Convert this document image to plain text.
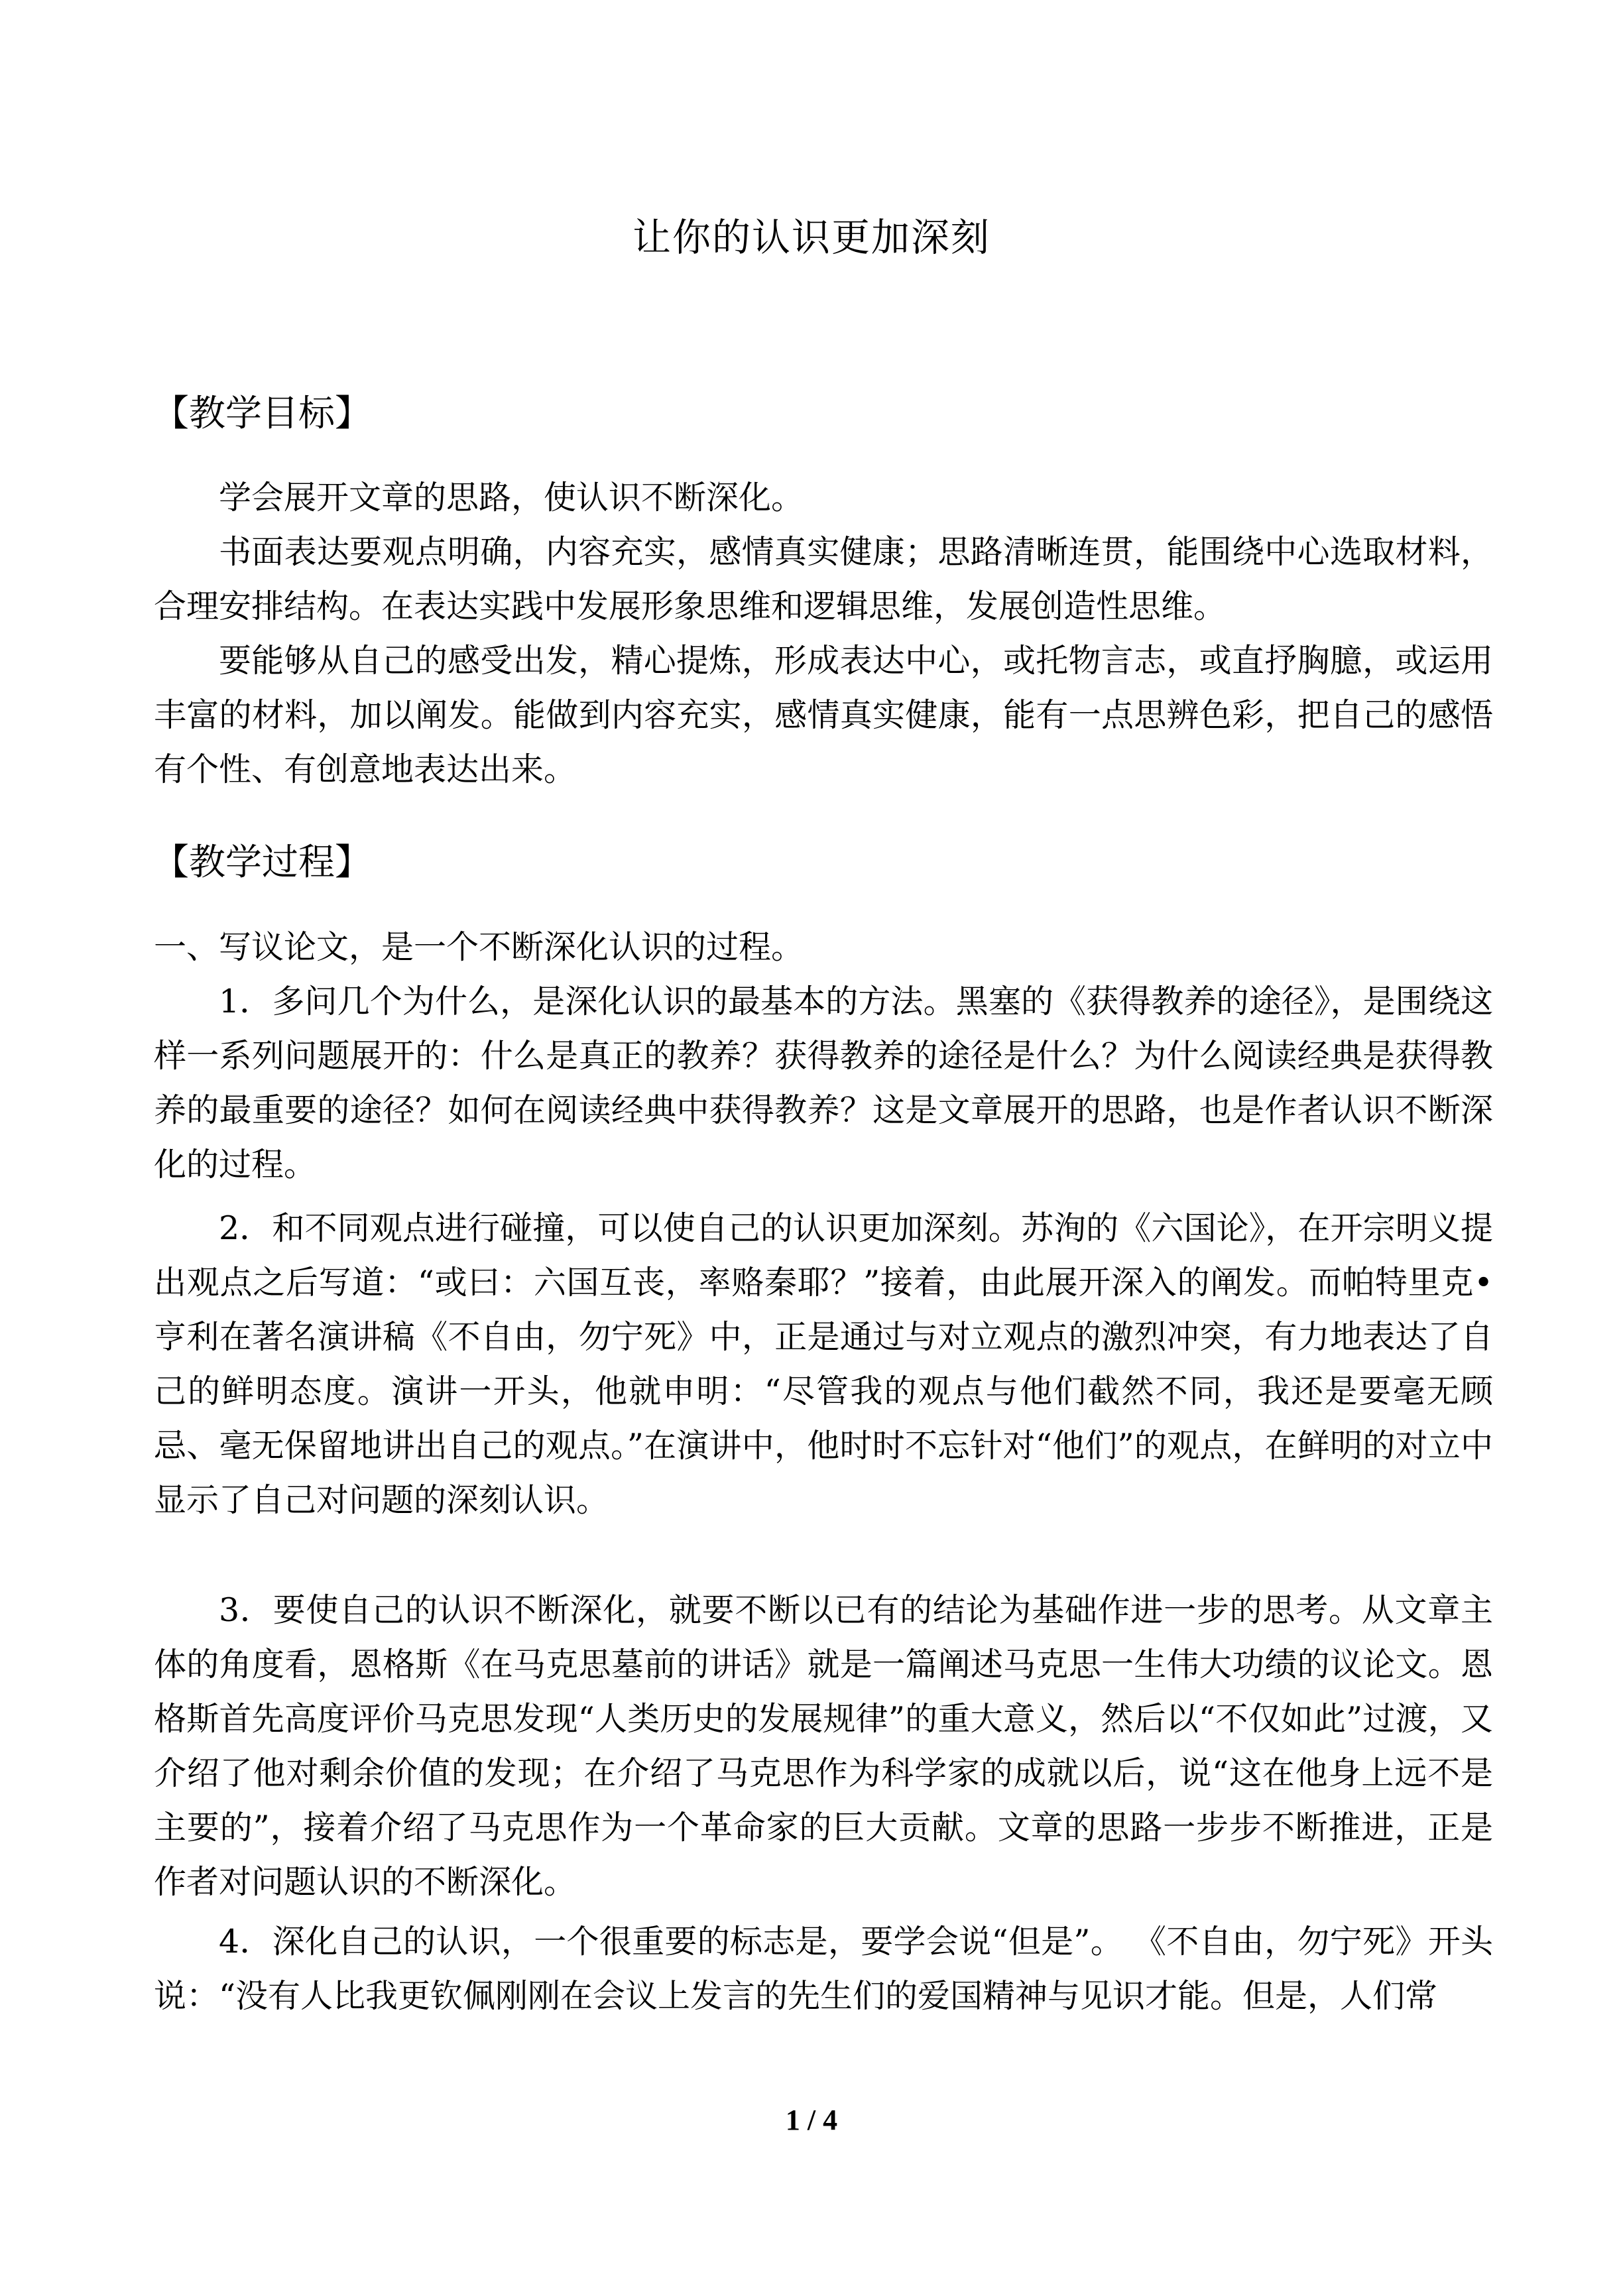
让你的认识更加深刻
【教学目标】

学会展开文章的思路，使认识不断深化。

书面表达要观点明确，内容充实，感情真实健康；思路清晰连贯，能围绕中心选取材料，合理安排结构。在表达实践中发展形象思维和逻辑思维，发展创造性思维。

要能够从自己的感受出发，精心提炼，形成表达中心，或托物言志，或直抒胸臆，或运用丰富的材料，加以阐发。能做到内容充实，感情真实健康，能有一点思辨色彩，把自己的感悟有个性、有创意地表达出来。

【教学过程】

一、写议论文，是一个不断深化认识的过程。

1．多问几个为什么，是深化认识的最基本的方法。黑塞的《获得教养的途径》，是围绕这样一系列问题展开的：什么是真正的教养？获得教养的途径是什么？为什么阅读经典是获得教养的最重要的途径？如何在阅读经典中获得教养？这是文章展开的思路，也是作者认识不断深化的过程。

2．和不同观点进行碰撞，可以使自己的认识更加深刻。苏洵的《六国论》，在开宗明义提出观点之后写道：“或曰：六国互丧，率赂秦耶？”接着，由此展开深入的阐发。而帕特里克•亨利在著名演讲稿《不自由，勿宁死》中，正是通过与对立观点的激烈冲突，有力地表达了自己的鲜明态度。演讲一开头，他就申明：“尽管我的观点与他们截然不同，我还是要毫无顾忌、毫无保留地讲出自己的观点。”在演讲中，他时时不忘针对“他们”的观点，在鲜明的对立中显示了自己对问题的深刻认识。

3．要使自己的认识不断深化，就要不断以已有的结论为基础作进一步的思考。从文章主体的角度看，恩格斯《在马克思墓前的讲话》就是一篇阐述马克思一生伟大功绩的议论文。恩格斯首先高度评价马克思发现“人类历史的发展规律”的重大意义，然后以“不仅如此”过渡，又介绍了他对剩余价值的发现；在介绍了马克思作为科学家的成就以后，说“这在他身上远不是主要的”，接着介绍了马克思作为一个革命家的巨大贡献。文章的思路一步步不断推进，正是作者对问题认识的不断深化。

4．深化自己的认识，一个很重要的标志是，要学会说“但是”。 《不自由，勿宁死》开头说：“没有人比我更钦佩刚刚在会议上发言的先生们的爱国精神与见识才能。但是，人们常

1 / 4
